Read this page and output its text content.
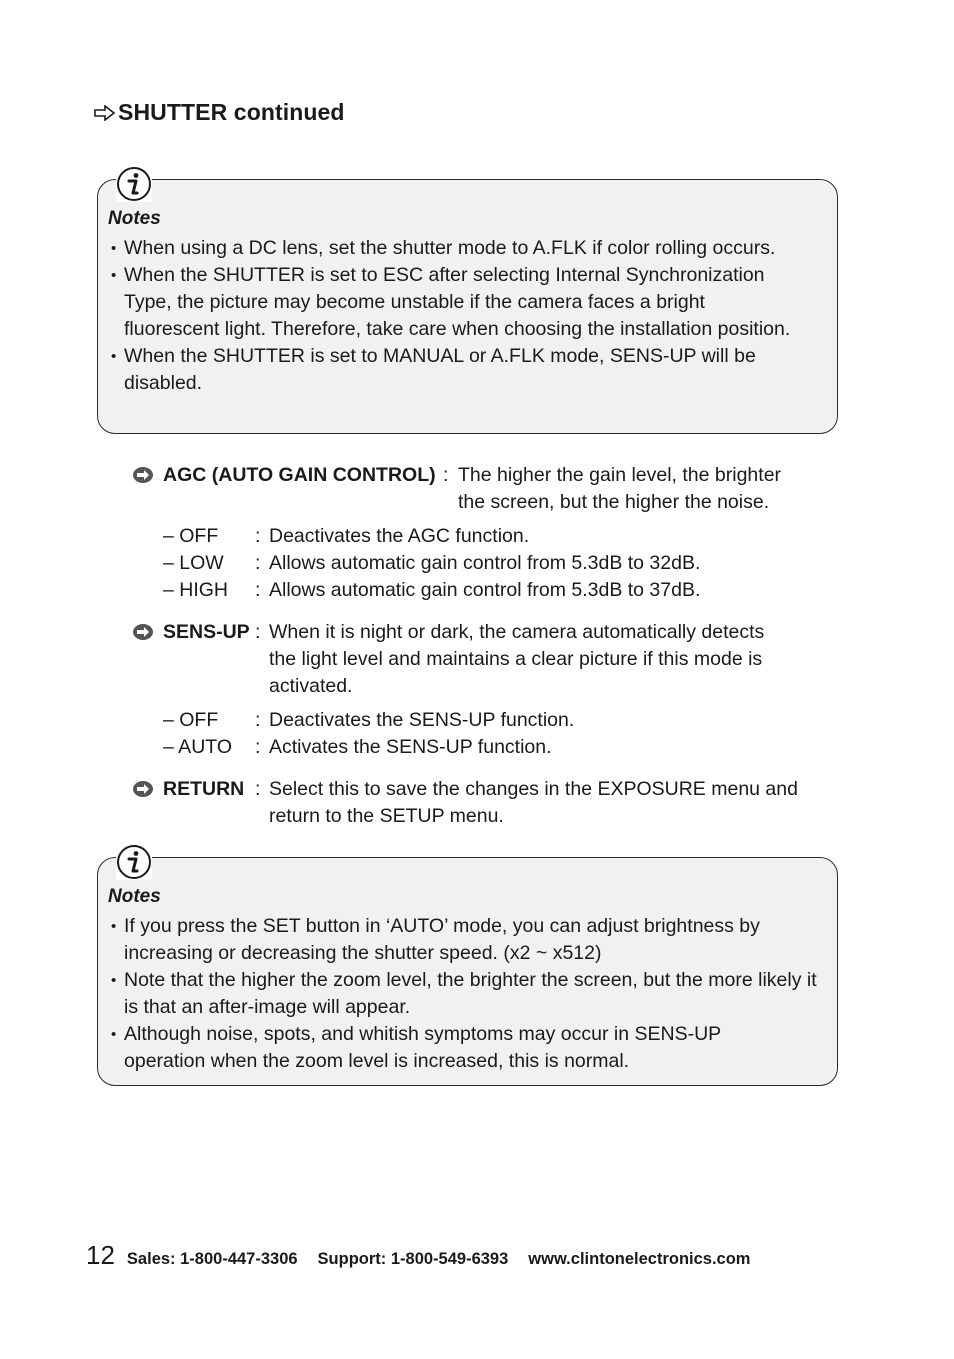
SHUTTER continued
Notes
• When using a DC lens, set the shutter mode to A.FLK if color rolling occurs.
• When the SHUTTER is set to ESC after selecting Internal Synchronization Type, the picture may become unstable if the camera faces a bright fluorescent light. Therefore, take care when choosing the installation position.
• When the SHUTTER is set to MANUAL or A.FLK mode, SENS-UP will be disabled.
AGC (AUTO GAIN CONTROL) : The higher the gain level, the brighter
the screen, but the higher the noise.
– OFF : Deactivates the AGC function.
– LOW : Allows automatic gain control from 5.3dB to 32dB.
– HIGH : Allows automatic gain control from 5.3dB to 37dB.
SENS-UP : When it is night or dark, the camera automatically detects
the light level and maintains a clear picture if this mode is
activated.
– OFF : Deactivates the SENS-UP function.
– AUTO : Activates the SENS-UP function.
RETURN : Select this to save the changes in the EXPOSURE menu and
return to the SETUP menu.
Notes
• If you press the SET button in ‘AUTO’ mode, you can adjust brightness by increasing or decreasing the shutter speed. (x2 ~ x512)
• Note that the higher the zoom level, the brighter the screen, but the more likely it is that an after-image will appear.
• Although noise, spots, and whitish symptoms may occur in SENS-UP operation when the zoom level is increased, this is normal.
12 Sales: 1-800-447-3306 Support: 1-800-549-6393 www.clintonelectronics.com
